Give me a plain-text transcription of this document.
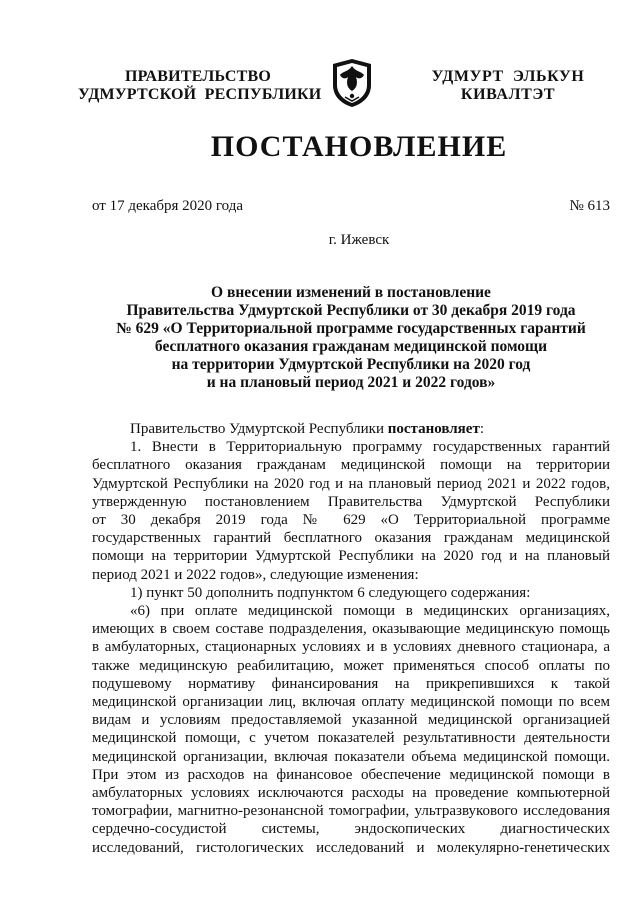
ПРАВИТЕЛЬСТВО
УДМУРТСКОЙ  РЕСПУБЛИКИ
УДМУРТ  ЭЛЬКУН
КИВАЛТЭТ
ПОСТАНОВЛЕНИЕ
от 17 декабря 2020 года	№ 613
г. Ижевск
О внесении изменений в постановление
Правительства Удмуртской Республики от 30 декабря 2019 года
№ 629 «О Территориальной программе государственных гарантий
бесплатного оказания гражданам медицинской помощи
на территории Удмуртской Республики на 2020 год
и на плановый период 2021 и 2022 годов»
Правительство Удмуртской Республики постановляет:
1. Внести в Территориальную программу государственных гарантий
бесплатного оказания гражданам медицинской помощи на территории
Удмуртской Республики на 2020 год и на плановый период 2021 и 2022 годов,
утвержденную постановлением Правительства Удмуртской Республики
от 30 декабря 2019 года № 629 «О Территориальной программе
государственных гарантий бесплатного оказания гражданам медицинской
помощи на территории Удмуртской Республики на 2020 год и на плановый
период 2021 и 2022 годов», следующие изменения:
1) пункт 50 дополнить подпунктом 6 следующего содержания:
«6) при оплате медицинской помощи в медицинских организациях,
имеющих в своем составе подразделения, оказывающие медицинскую помощь
в амбулаторных, стационарных условиях и в условиях дневного стационара, а
также медицинскую реабилитацию, может применяться способ оплаты по
подушевому нормативу финансирования на прикрепившихся к такой
медицинской организации лиц, включая оплату медицинской помощи по всем
видам и условиям предоставляемой указанной медицинской организацией
медицинской помощи, с учетом показателей результативности деятельности
медицинской организации, включая показатели объема медицинской помощи.
При этом из расходов на финансовое обеспечение медицинской помощи в
амбулаторных условиях исключаются расходы на проведение компьютерной
томографии, магнитно-резонансной томографии, ультразвукового исследования
сердечно-сосудистой системы, эндоскопических диагностических
исследований, гистологических исследований и молекулярно-генетических
